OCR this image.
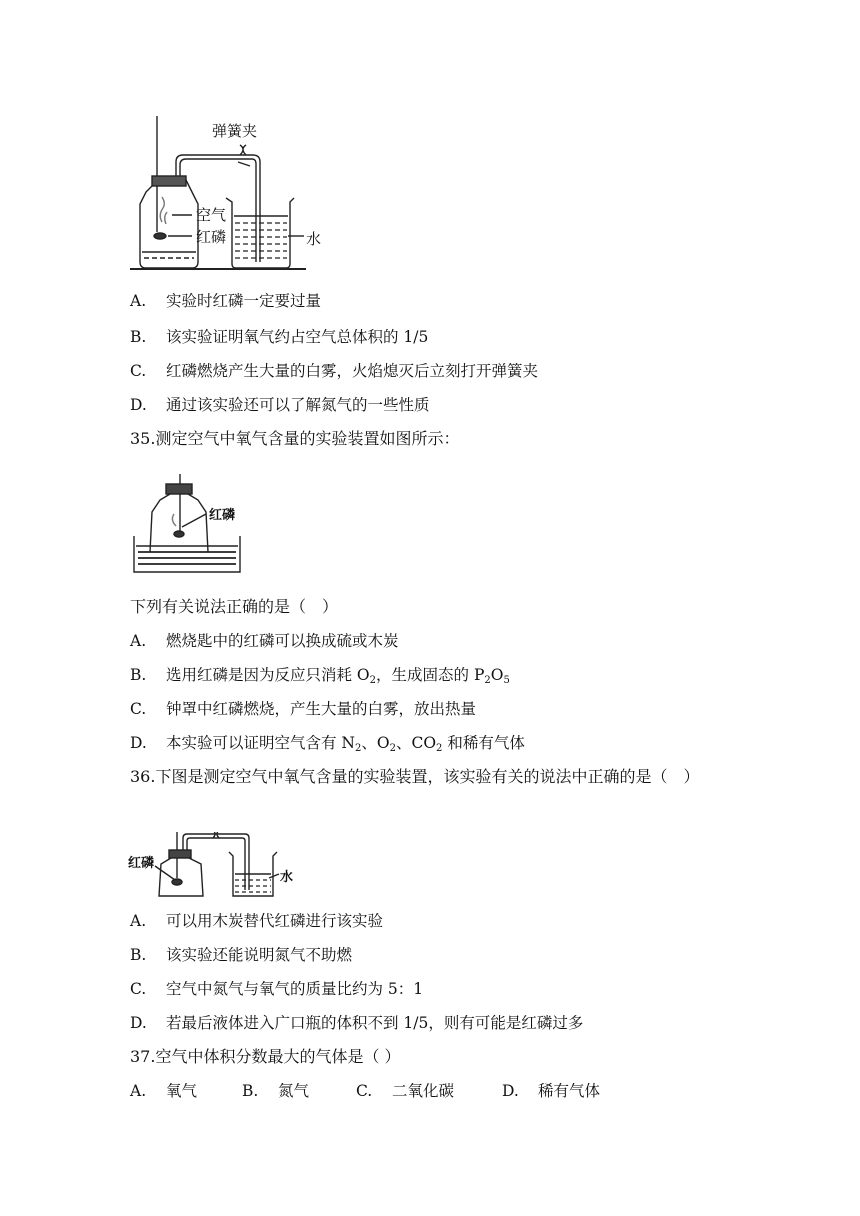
弹簧夹
空气
红磷	水
A. 实验时红磷一定要过量
B. 该实验证明氧气约占空气总体积的 1/5
C. 红磷燃烧产生大量的白雾，火焰熄灭后立刻打开弹簧夹
D. 通过该实验还可以了解氮气的一些性质
35.测定空气中氧气含量的实验装置如图所示：
红磷
下列有关说法正确的是（　）
A. 燃烧匙中的红磷可以换成硫或木炭
B. 选用红磷是因为反应只消耗 $O_2$，生成固态的 $P_2O_5$
C. 钟罩中红磷燃烧，产生大量的白雾，放出热量
D. 本实验可以证明空气含有 $N_2$、$O_2$、$CO_2$ 和稀有气体
36.下图是测定空气中氧气含量的实验装置，该实验有关的说法中正确的是（　）
红磷
水
A. 可以用木炭替代红磷进行该实验
B. 该实验还能说明氮气不助燃
C. 空气中氮气与氧气的质量比约为 5：1
D. 若最后液体进入广口瓶的体积不到 1/5，则有可能是红磷过多
37.空气中体积分数最大的气体是（ ）
A. 氧气	B. 氮气	C. 二氧化碳	D. 稀有气体
